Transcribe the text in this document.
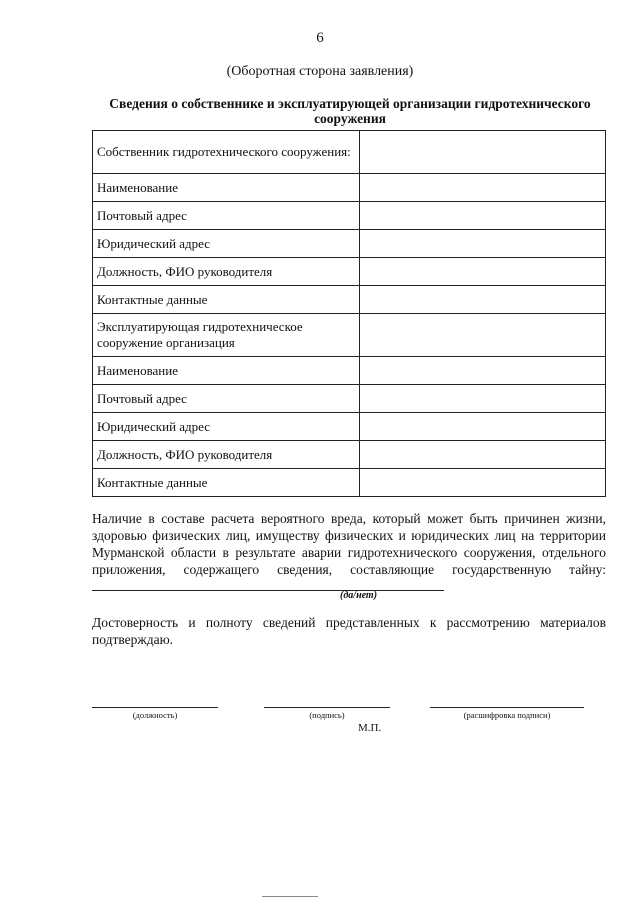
6
(Оборотная сторона заявления)
Сведения о собственнике и эксплуатирующей организации гидротехнического сооружения
Собственник гидротехнического сооружения:	
Наименование	
Почтовый адрес	
Юридический адрес	
Должность, ФИО руководителя	
Контактные данные	
Эксплуатирующая гидротехническое сооружение организация	
Наименование	
Почтовый адрес	
Юридический адрес	
Должность, ФИО руководителя	
Контактные данные	
Наличие в составе расчета вероятного вреда, который может быть причинен жизни, здоровью физических лиц, имуществу физических и юридических лиц на территории Мурманской области в результате аварии гидротехнического сооружения, отдельного приложения, содержащего сведения, составляющие государственную тайну:
(да/нет)
Достоверность и полноту сведений представленных к рассмотрению материалов подтверждаю.
(должность)	(подпись)	(расшифровка подписи)
М.П.
